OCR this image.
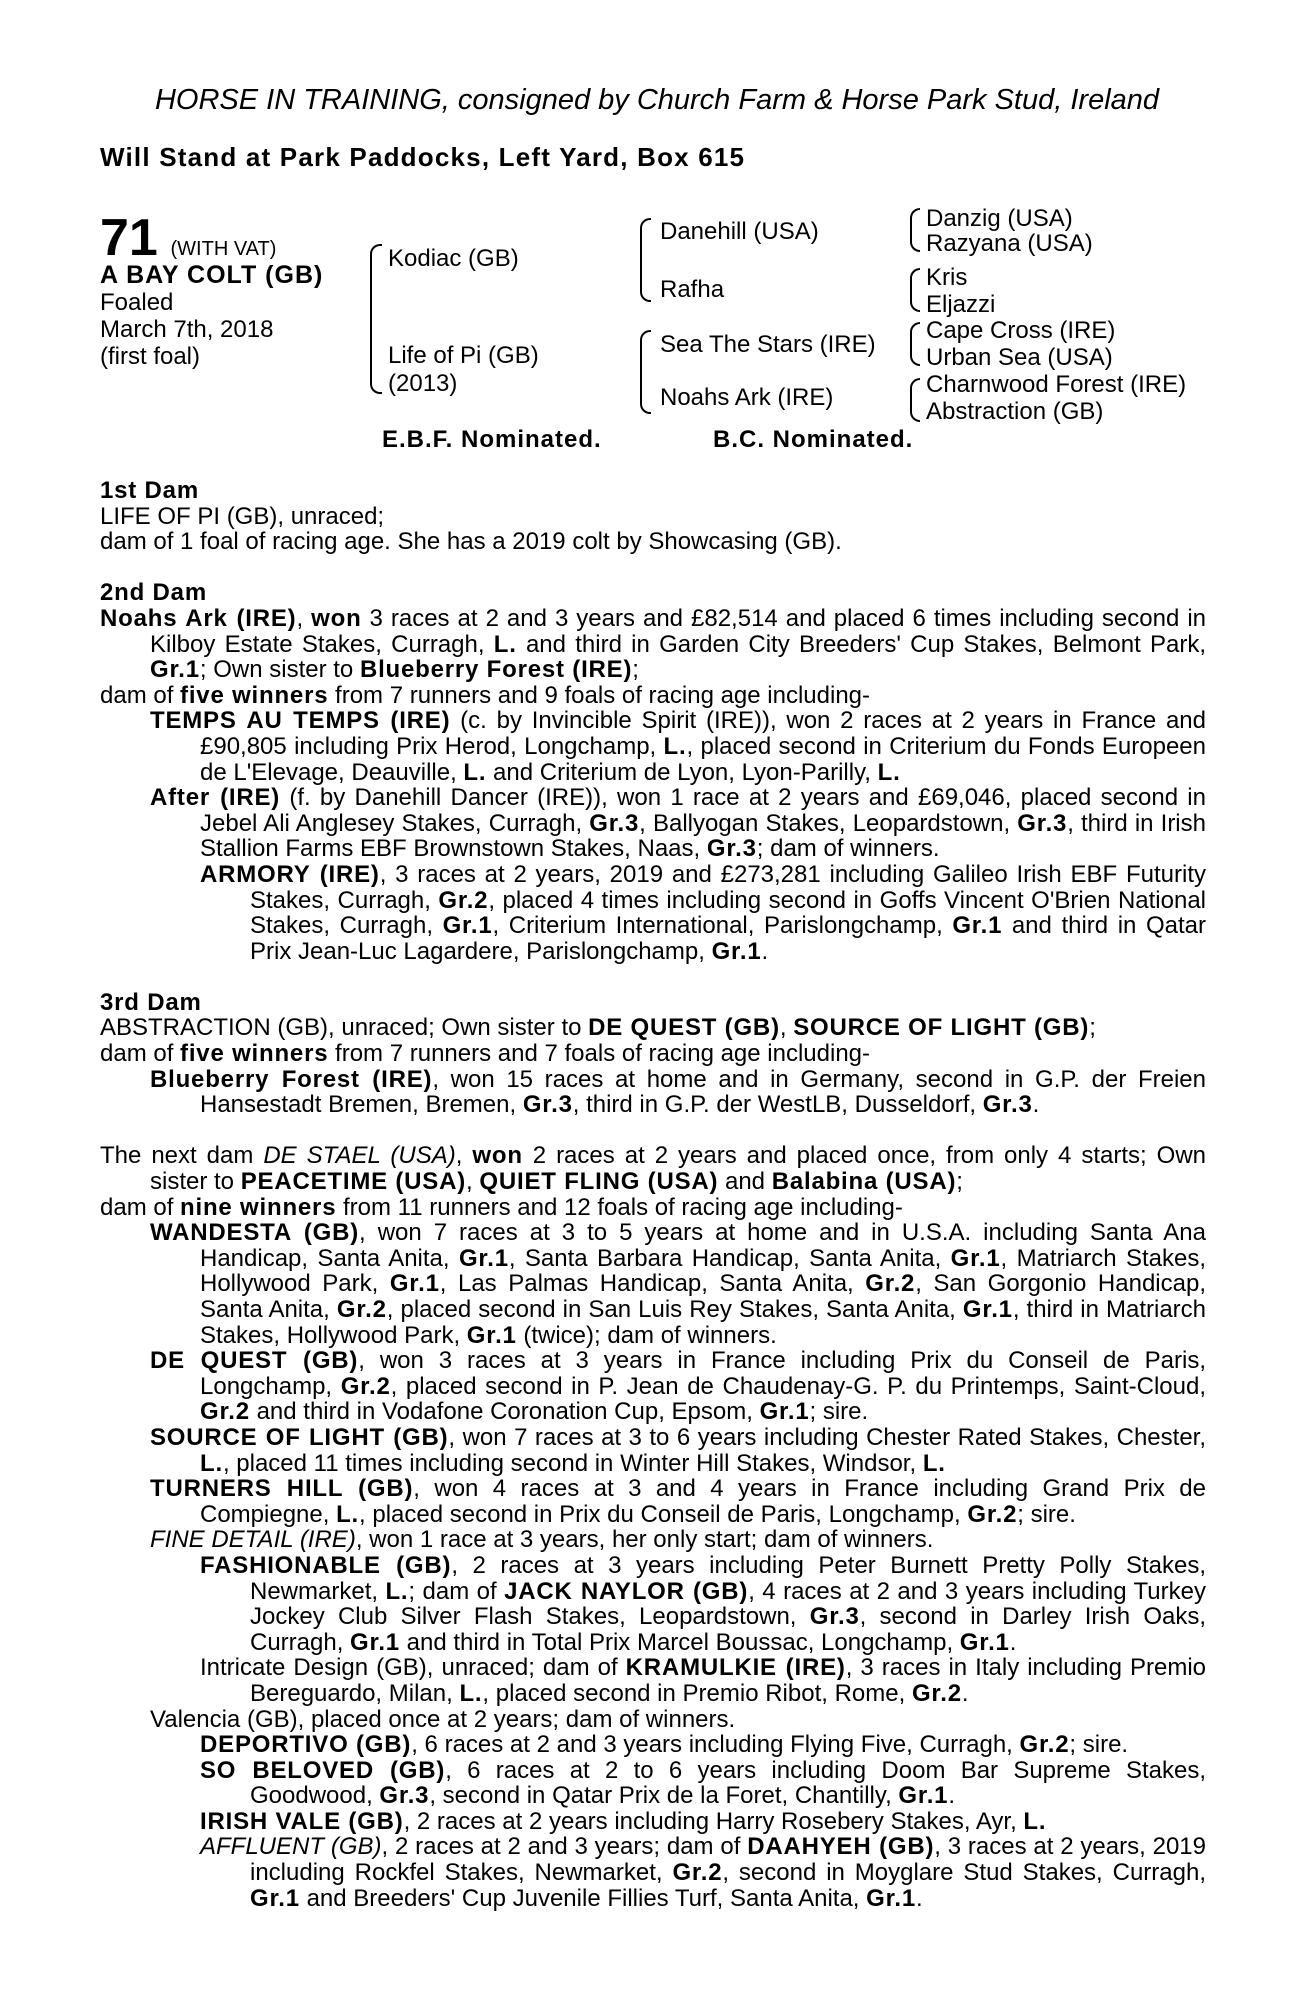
HORSE IN TRAINING, consigned by Church Farm & Horse Park Stud, Ireland
Will Stand at Park Paddocks, Left Yard, Box 615
71 (WITH VAT)
A BAY COLT (GB)
Foaled
March 7th, 2018
(first foal)
Kodiac (GB)
Life of Pi (GB)
(2013)
Danehill (USA)
Rafha
Sea The Stars (IRE)
Noahs Ark (IRE)
Danzig (USA)
Razyana (USA)
Kris
Eljazzi
Cape Cross (IRE)
Urban Sea (USA)
Charnwood Forest (IRE)
Abstraction (GB)
E.B.F. Nominated.	B.C. Nominated.

1st Dam

LIFE OF PI (GB), unraced;

dam of 1 foal of racing age. She has a 2019 colt by Showcasing (GB).

2nd Dam

Noahs Ark (IRE), won 3 races at 2 and 3 years and £82,514 and placed 6 times including second in Kilboy Estate Stakes, Curragh, L. and third in Garden City Breeders' Cup Stakes, Belmont Park, Gr.1; Own sister to Blueberry Forest (IRE);

dam of five winners from 7 runners and 9 foals of racing age including-

TEMPS AU TEMPS (IRE) (c. by Invincible Spirit (IRE)), won 2 races at 2 years in France and £90,805 including Prix Herod, Longchamp, L., placed second in Criterium du Fonds Europeen de L'Elevage, Deauville, L. and Criterium de Lyon, Lyon-Parilly, L.

After (IRE) (f. by Danehill Dancer (IRE)), won 1 race at 2 years and £69,046, placed second in Jebel Ali Anglesey Stakes, Curragh, Gr.3, Ballyogan Stakes, Leopardstown, Gr.3, third in Irish Stallion Farms EBF Brownstown Stakes, Naas, Gr.3; dam of winners.

ARMORY (IRE), 3 races at 2 years, 2019 and £273,281 including Galileo Irish EBF Futurity Stakes, Curragh, Gr.2, placed 4 times including second in Goffs Vincent O'Brien National Stakes, Curragh, Gr.1, Criterium International, Parislongchamp, Gr.1 and third in Qatar Prix Jean-Luc Lagardere, Parislongchamp, Gr.1.

3rd Dam

ABSTRACTION (GB), unraced; Own sister to DE QUEST (GB), SOURCE OF LIGHT (GB);

dam of five winners from 7 runners and 7 foals of racing age including-

Blueberry Forest (IRE), won 15 races at home and in Germany, second in G.P. der Freien Hansestadt Bremen, Bremen, Gr.3, third in G.P. der WestLB, Dusseldorf, Gr.3.

The next dam DE STAEL (USA), won 2 races at 2 years and placed once, from only 4 starts; Own sister to PEACETIME (USA), QUIET FLING (USA) and Balabina (USA);

dam of nine winners from 11 runners and 12 foals of racing age including-

WANDESTA (GB), won 7 races at 3 to 5 years at home and in U.S.A. including Santa Ana Handicap, Santa Anita, Gr.1, Santa Barbara Handicap, Santa Anita, Gr.1, Matriarch Stakes, Hollywood Park, Gr.1, Las Palmas Handicap, Santa Anita, Gr.2, San Gorgonio Handicap, Santa Anita, Gr.2, placed second in San Luis Rey Stakes, Santa Anita, Gr.1, third in Matriarch Stakes, Hollywood Park, Gr.1 (twice); dam of winners.

DE QUEST (GB), won 3 races at 3 years in France including Prix du Conseil de Paris, Longchamp, Gr.2, placed second in P. Jean de Chaudenay-G. P. du Printemps, Saint-Cloud, Gr.2 and third in Vodafone Coronation Cup, Epsom, Gr.1; sire.

SOURCE OF LIGHT (GB), won 7 races at 3 to 6 years including Chester Rated Stakes, Chester, L., placed 11 times including second in Winter Hill Stakes, Windsor, L.

TURNERS HILL (GB), won 4 races at 3 and 4 years in France including Grand Prix de Compiegne, L., placed second in Prix du Conseil de Paris, Longchamp, Gr.2; sire.

FINE DETAIL (IRE), won 1 race at 3 years, her only start; dam of winners.

FASHIONABLE (GB), 2 races at 3 years including Peter Burnett Pretty Polly Stakes, Newmarket, L.; dam of JACK NAYLOR (GB), 4 races at 2 and 3 years including Turkey Jockey Club Silver Flash Stakes, Leopardstown, Gr.3, second in Darley Irish Oaks, Curragh, Gr.1 and third in Total Prix Marcel Boussac, Longchamp, Gr.1.

Intricate Design (GB), unraced; dam of KRAMULKIE (IRE), 3 races in Italy including Premio Bereguardo, Milan, L., placed second in Premio Ribot, Rome, Gr.2.

Valencia (GB), placed once at 2 years; dam of winners.

DEPORTIVO (GB), 6 races at 2 and 3 years including Flying Five, Curragh, Gr.2; sire.

SO BELOVED (GB), 6 races at 2 to 6 years including Doom Bar Supreme Stakes, Goodwood, Gr.3, second in Qatar Prix de la Foret, Chantilly, Gr.1.

IRISH VALE (GB), 2 races at 2 years including Harry Rosebery Stakes, Ayr, L.

AFFLUENT (GB), 2 races at 2 and 3 years; dam of DAAHYEH (GB), 3 races at 2 years, 2019 including Rockfel Stakes, Newmarket, Gr.2, second in Moyglare Stud Stakes, Curragh, Gr.1 and Breeders' Cup Juvenile Fillies Turf, Santa Anita, Gr.1.
